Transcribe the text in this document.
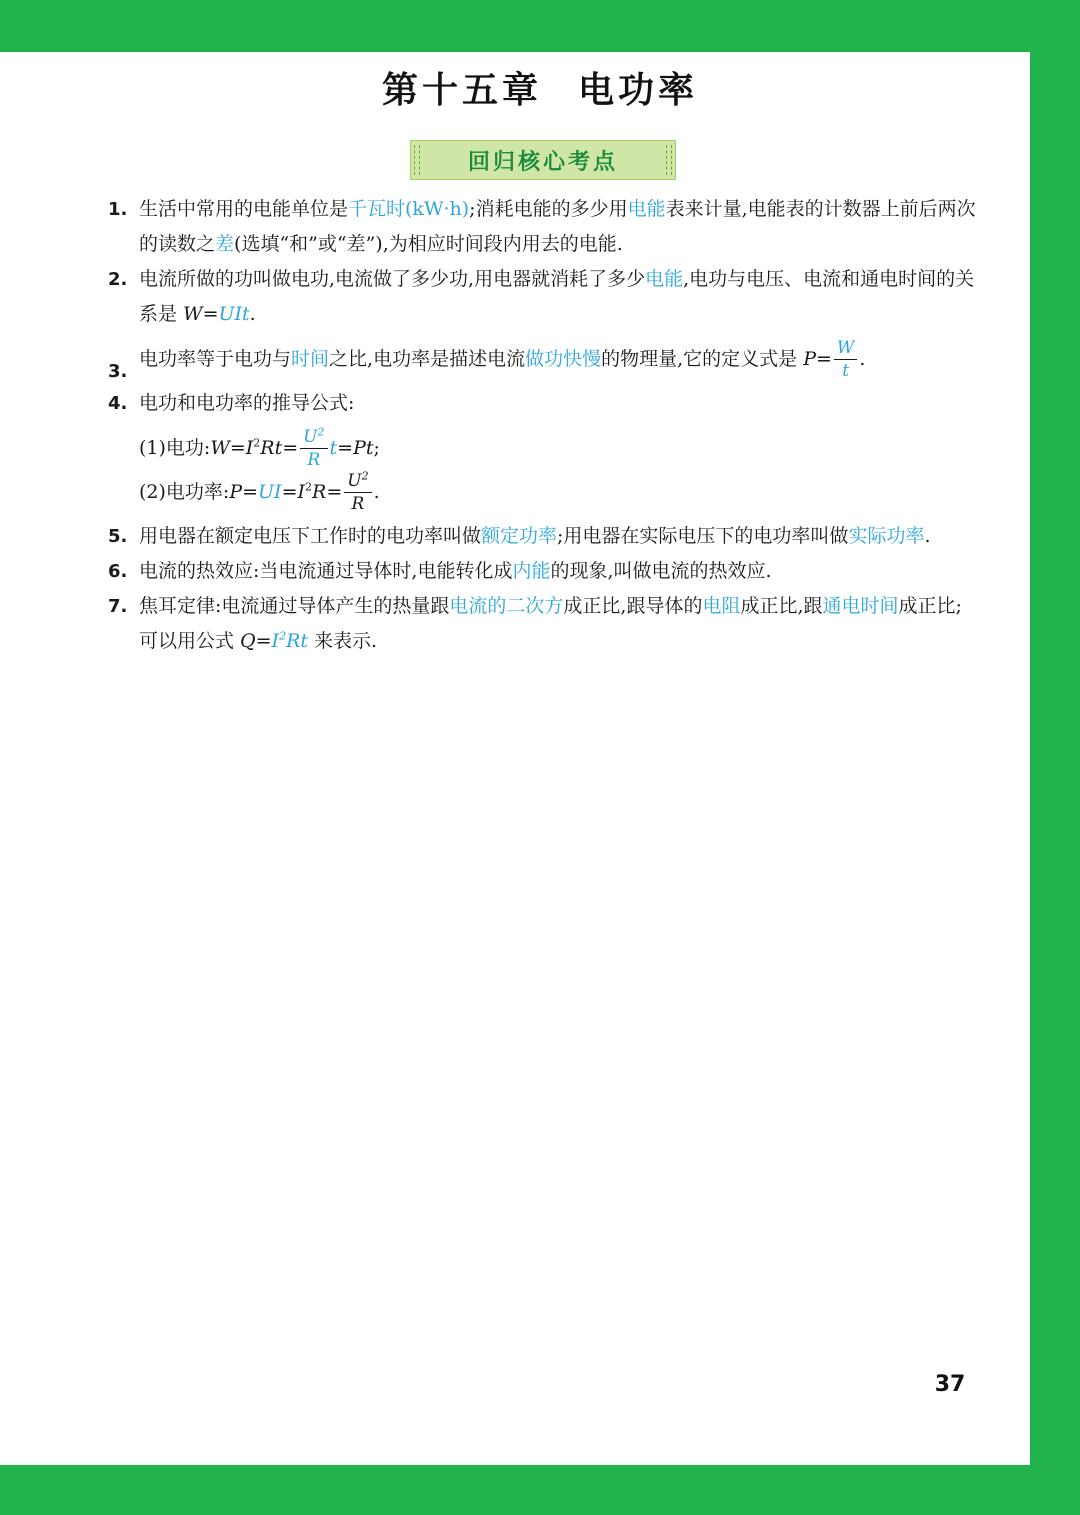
第十五章 电功率
回归核心考点

1. 生活中常用的电能单位是千瓦时(kW·h);消耗电能的多少用电能表来计量,电能表的计数器上前后两次的读数之差(选填“和”或“差”),为相应时间段内用去的电能.

2. 电流所做的功叫做电功,电流做了多少功,用电器就消耗了多少电能,电功与电压、电流和通电时间的关系是 W=UIt.

3.
电功率等于电功与时间之比,电功率是描述电流做功快慢的物理量,它的定义式是 $P= \frac{W}{t}$ .

4. 电功和电功率的推导公式:

(1)电功$:W=I^2Rt= \frac{U^2}{R} t=Pt$;

(2)电功率$:P=UI=I^2R= \frac{U^2}{R}$ .

5. 用电器在额定电压下工作时的电功率叫做额定功率;用电器在实际电压下的电功率叫做实际功率.

6. 电流的热效应:当电流通过导体时,电能转化成内能的现象,叫做电流的热效应.

7. 焦耳定律:电流通过导体产生的热量跟电流的二次方成正比,跟导体的电阻成正比,跟通电时间成正比;可以用公式 $Q=I^2Rt$ 来表示.

37
